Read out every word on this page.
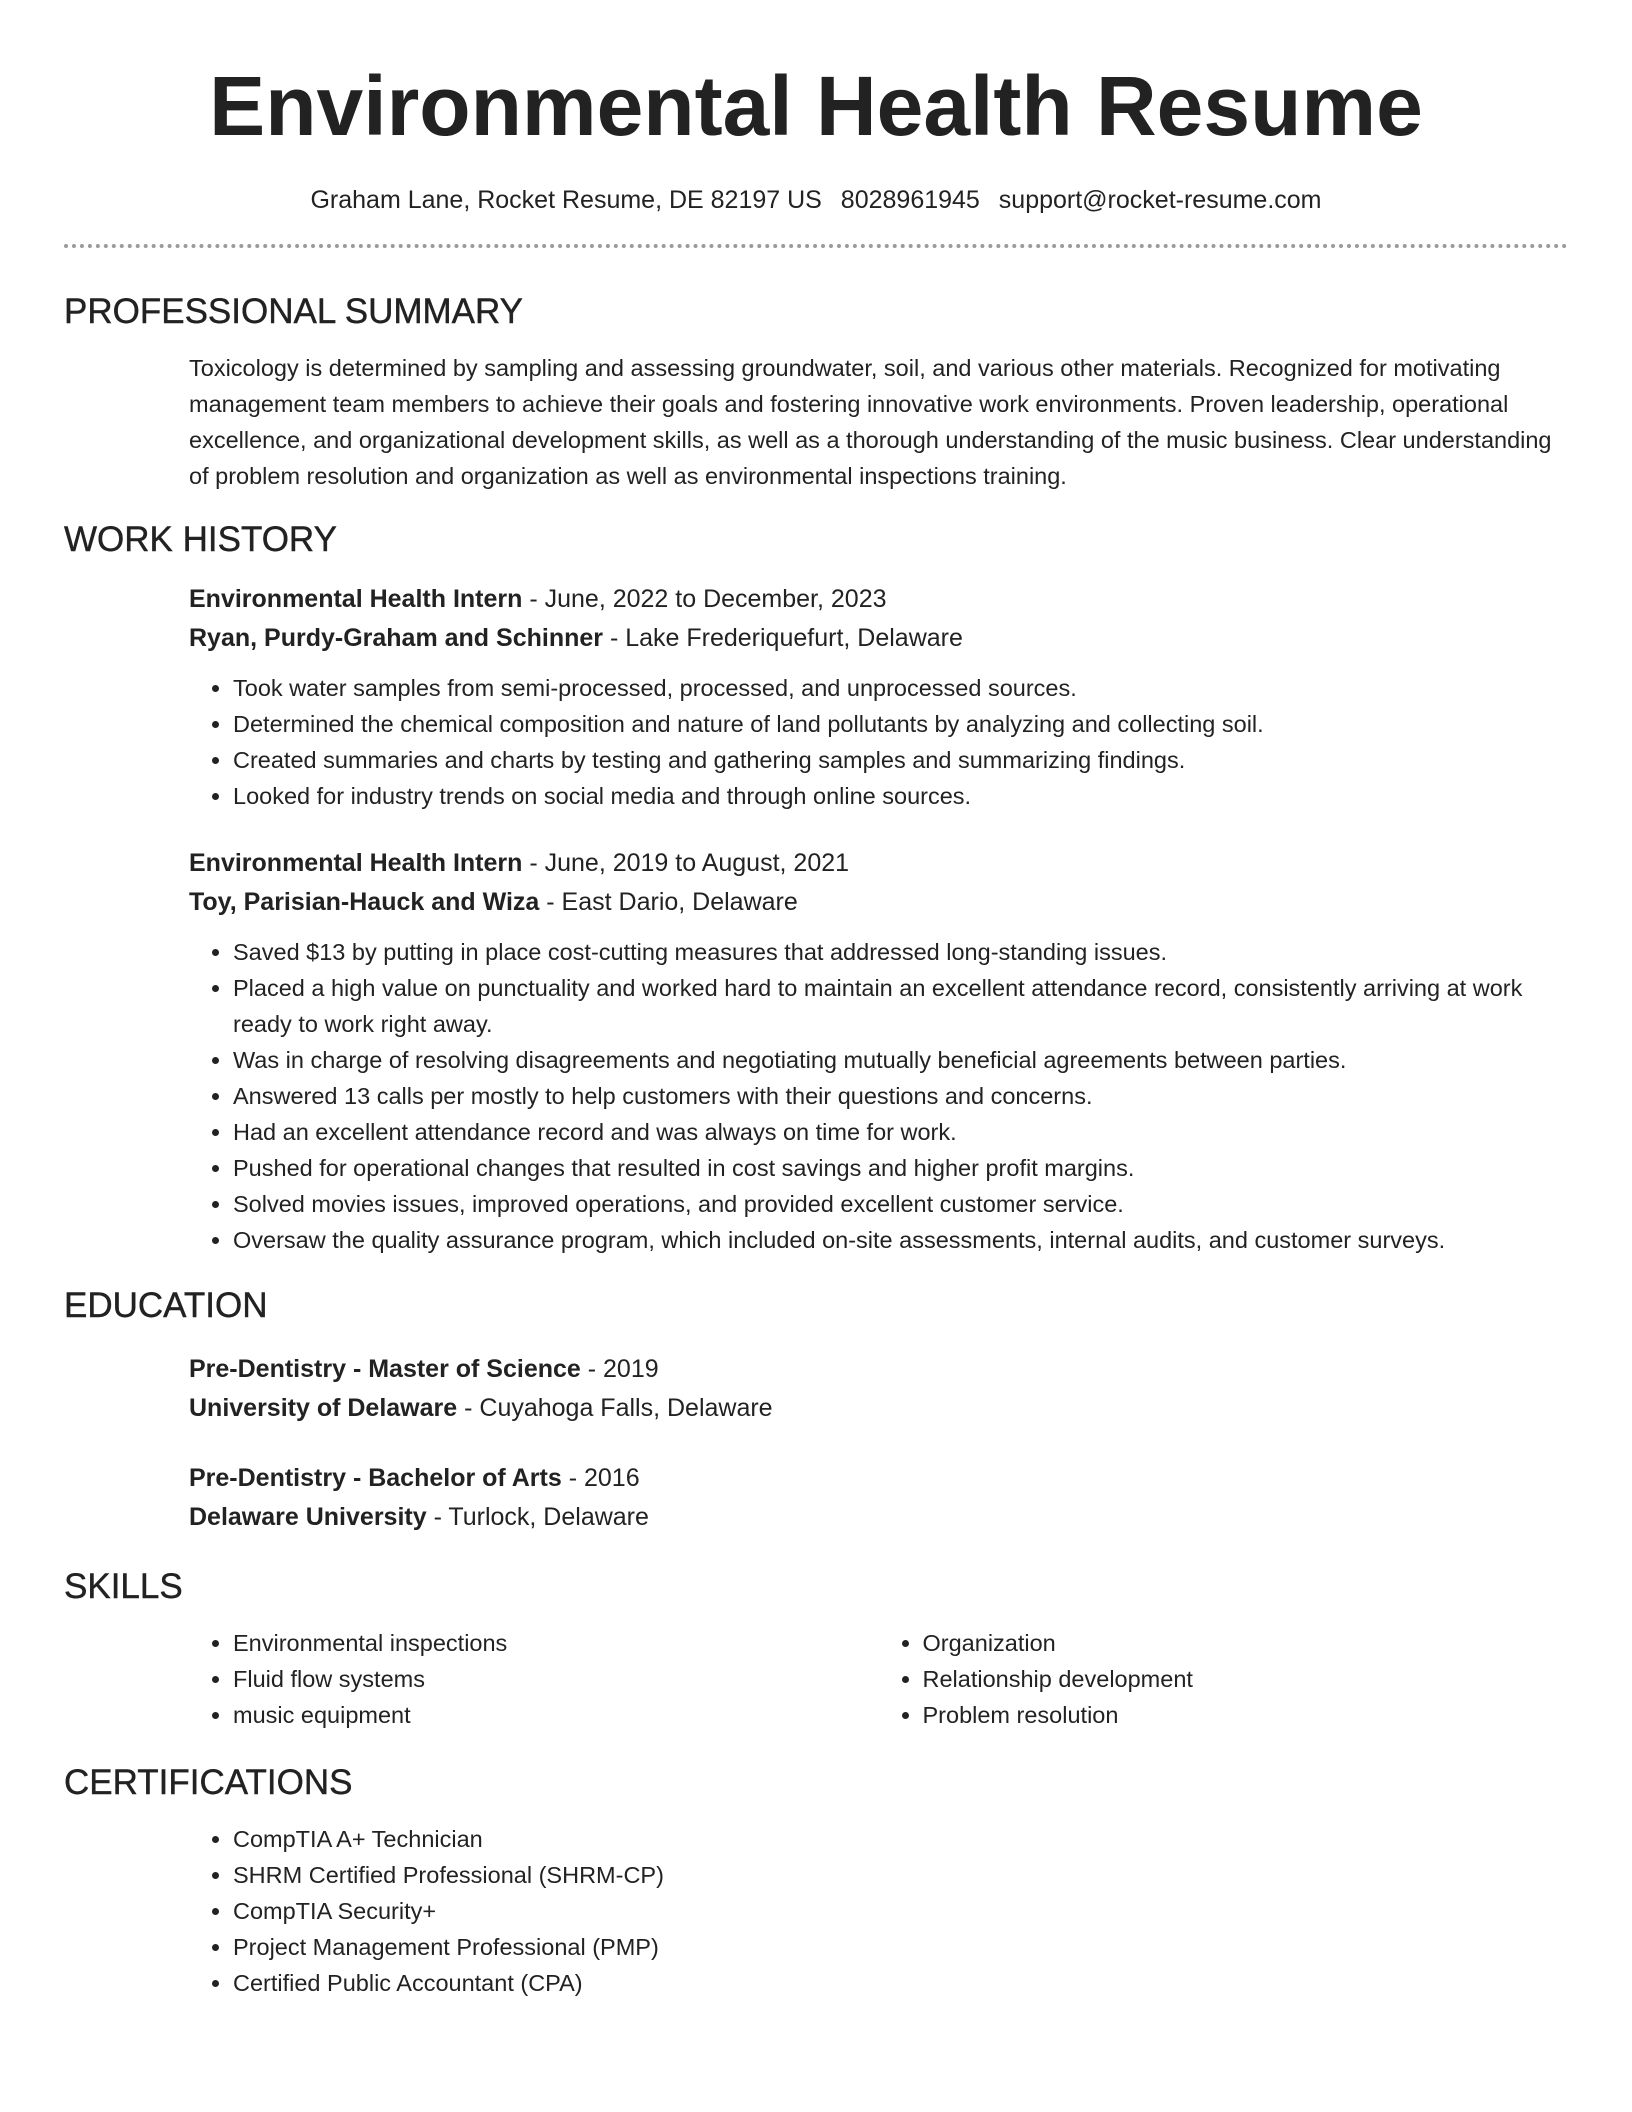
Environmental Health Resume
Graham Lane, Rocket Resume, DE 82197 US 8028961945 support@rocket-resume.com
PROFESSIONAL SUMMARY

Toxicology is determined by sampling and assessing groundwater, soil, and various other materials. Recognized for motivating management team members to achieve their goals and fostering innovative work environments. Proven leadership, operational excellence, and organizational development skills, as well as a thorough understanding of the music business. Clear understanding of problem resolution and organization as well as environmental inspections training.

WORK HISTORY
Environmental Health Intern - June, 2022 to December, 2023
Ryan, Purdy-Graham and Schinner - Lake Frederiquefurt, Delaware
• Took water samples from semi-processed, processed, and unprocessed sources.
• Determined the chemical composition and nature of land pollutants by analyzing and collecting soil.
• Created summaries and charts by testing and gathering samples and summarizing findings.
• Looked for industry trends on social media and through online sources.
Environmental Health Intern - June, 2019 to August, 2021
Toy, Parisian-Hauck and Wiza - East Dario, Delaware
• Saved $13 by putting in place cost-cutting measures that addressed long-standing issues.
• Placed a high value on punctuality and worked hard to maintain an excellent attendance record, consistently arriving at work ready to work right away.
• Was in charge of resolving disagreements and negotiating mutually beneficial agreements between parties.
• Answered 13 calls per mostly to help customers with their questions and concerns.
• Had an excellent attendance record and was always on time for work.
• Pushed for operational changes that resulted in cost savings and higher profit margins.
• Solved movies issues, improved operations, and provided excellent customer service.
• Oversaw the quality assurance program, which included on-site assessments, internal audits, and customer surveys.
EDUCATION
Pre-Dentistry - Master of Science - 2019
University of Delaware - Cuyahoga Falls, Delaware
Pre-Dentistry - Bachelor of Arts - 2016
Delaware University - Turlock, Delaware
SKILLS
• Environmental inspections
• Fluid flow systems
• music equipment
• Organization
• Relationship development
• Problem resolution
CERTIFICATIONS
• CompTIA A+ Technician
• SHRM Certified Professional (SHRM-CP)
• CompTIA Security+
• Project Management Professional (PMP)
• Certified Public Accountant (CPA)
